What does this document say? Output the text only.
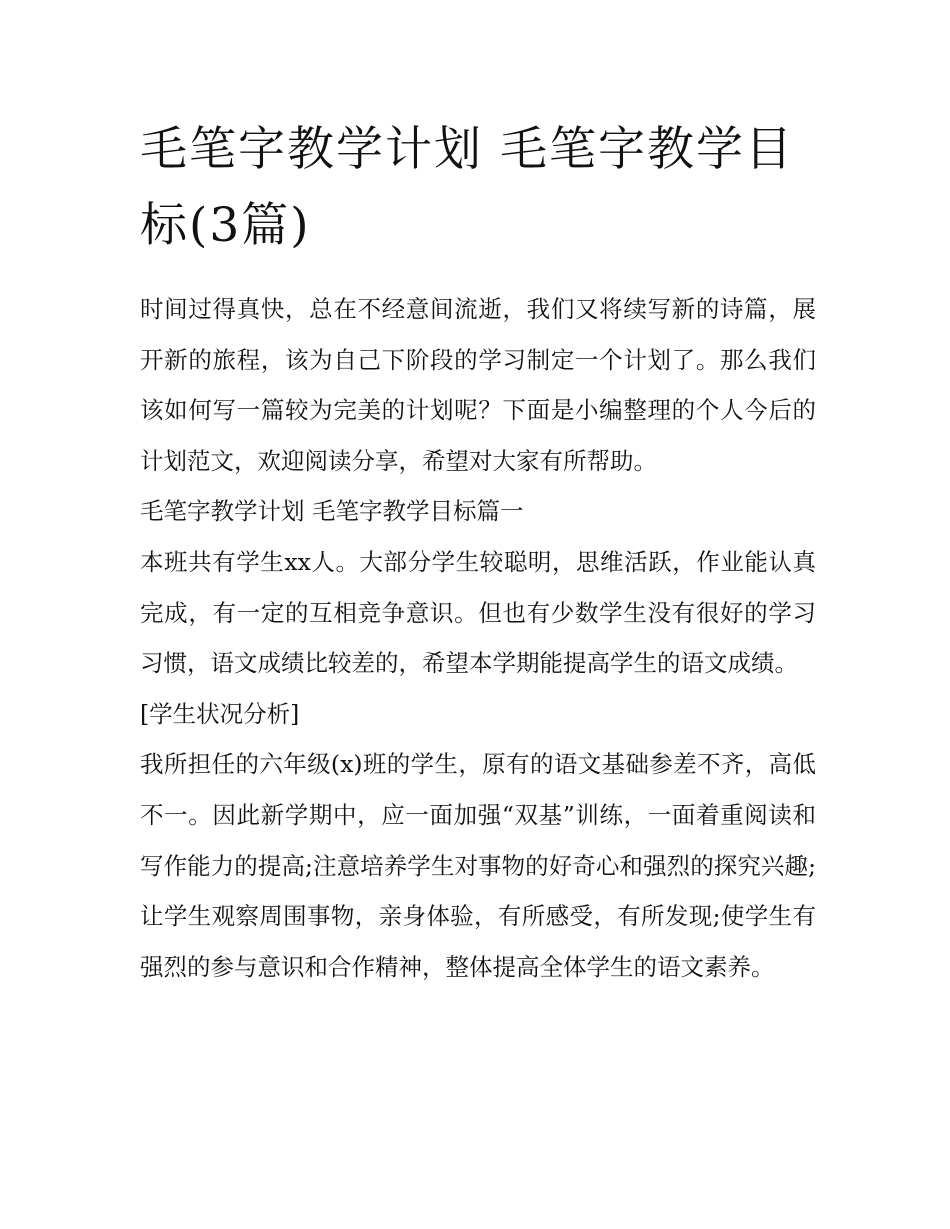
毛笔字教学计划 毛笔字教学目标(3篇)

时间过得真快，总在不经意间流逝，我们又将续写新的诗篇，展开新的旅程，该为自己下阶段的学习制定一个计划了。那么我们该如何写一篇较为完美的计划呢？下面是小编整理的个人今后的计划范文，欢迎阅读分享，希望对大家有所帮助。

毛笔字教学计划 毛笔字教学目标篇一

本班共有学生xx人。大部分学生较聪明，思维活跃，作业能认真完成，有一定的互相竞争意识。但也有少数学生没有很好的学习习惯，语文成绩比较差的，希望本学期能提高学生的语文成绩。

[学生状况分析]

我所担任的六年级(x)班的学生，原有的语文基础参差不齐，高低不一。因此新学期中，应一面加强“双基”训练，一面着重阅读和写作能力的提高;注意培养学生对事物的好奇心和强烈的探究兴趣;让学生观察周围事物，亲身体验，有所感受，有所发现;使学生有强烈的参与意识和合作精神，整体提高全体学生的语文素养。
